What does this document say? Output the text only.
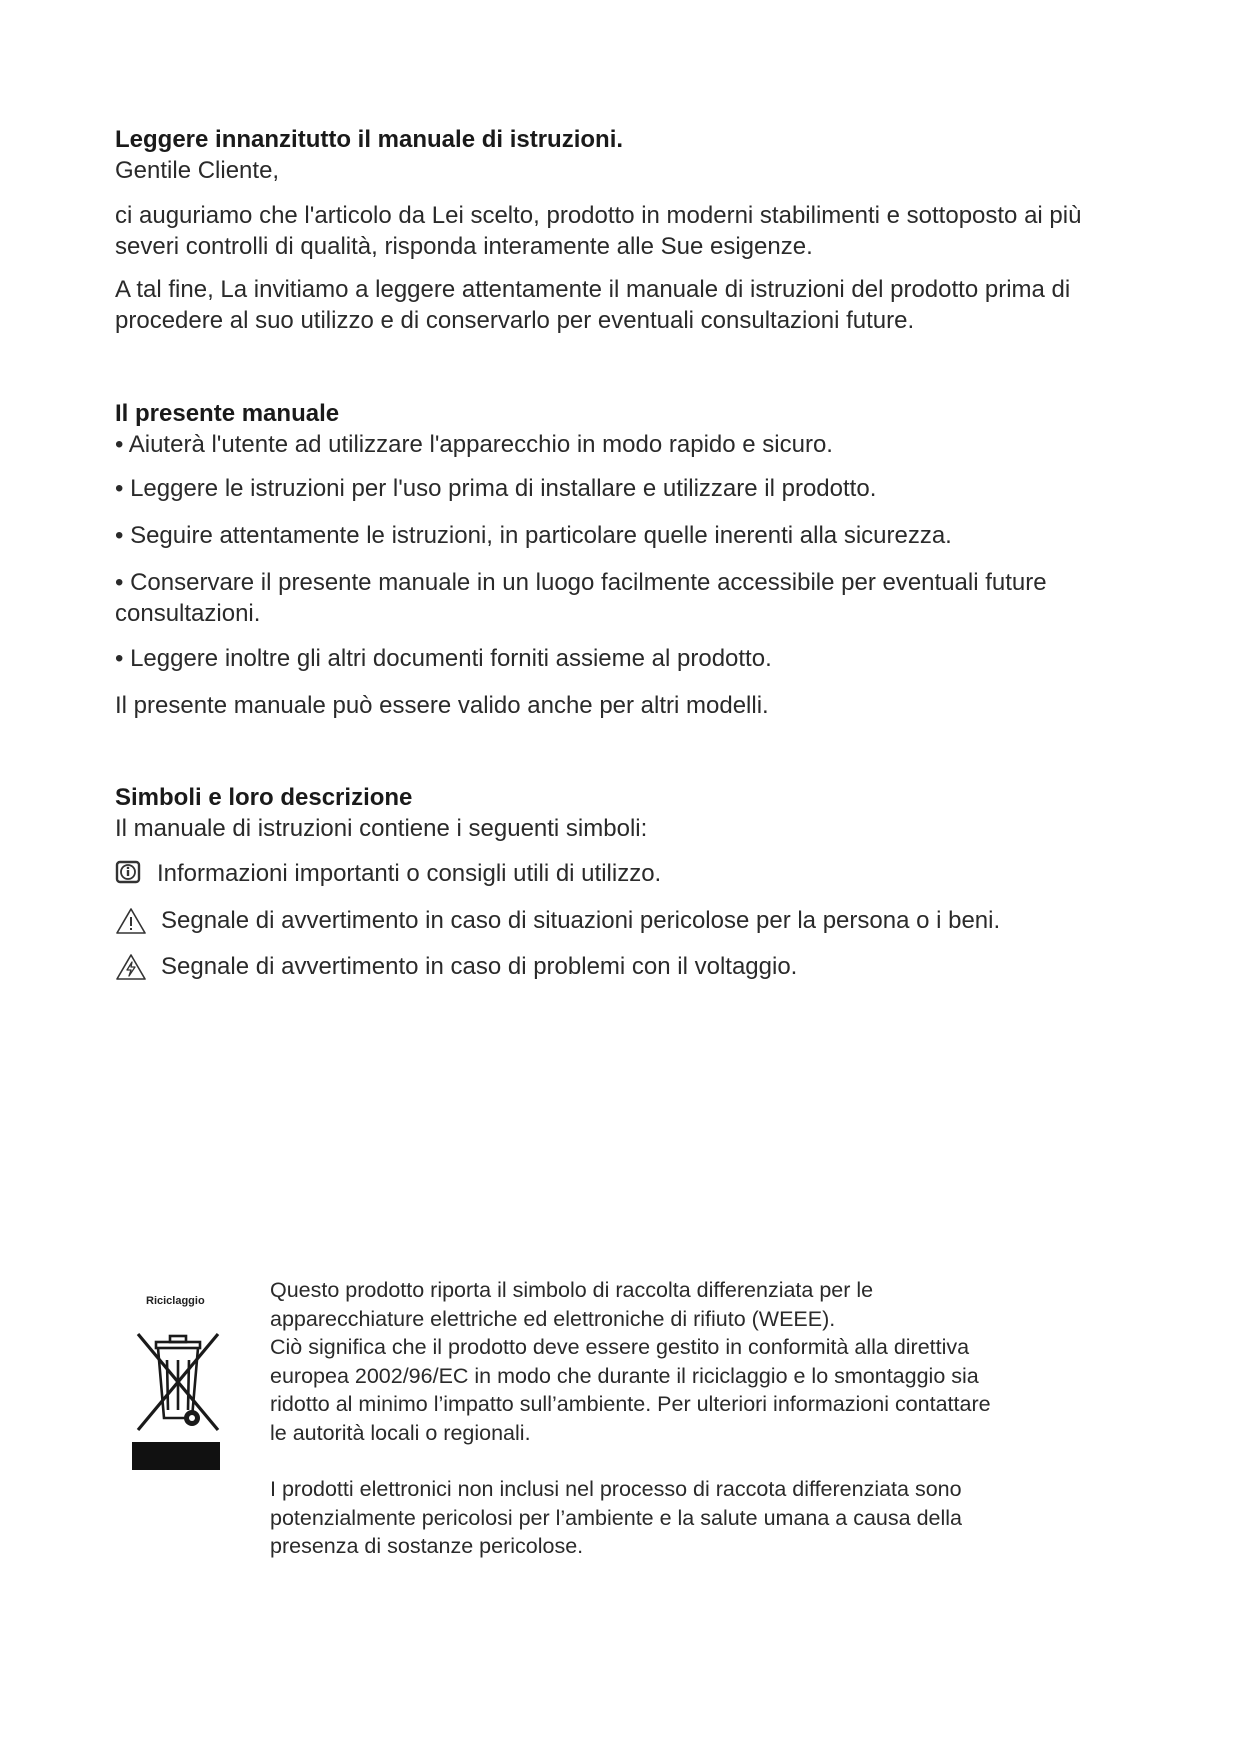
Leggere innanzitutto il manuale di istruzioni.

Gentile Cliente,

ci auguriamo che l'articolo da Lei scelto, prodotto in moderni stabilimenti e sottoposto ai più

severi controlli di qualità, risponda interamente alle Sue esigenze.

A tal fine, La invitiamo a leggere attentamente il manuale di istruzioni del prodotto prima di

procedere al suo utilizzo e di conservarlo per eventuali consultazioni future.

Il presente manuale

• Aiuterà l'utente ad utilizzare l'apparecchio in modo rapido e sicuro.

• Leggere le istruzioni per l'uso prima di installare e utilizzare il prodotto.

• Seguire attentamente le istruzioni, in particolare quelle inerenti alla sicurezza.

• Conservare il presente manuale in un luogo facilmente accessibile per eventuali future

consultazioni.

• Leggere inoltre gli altri documenti forniti assieme al prodotto.

Il presente manuale può essere valido anche per altri modelli.

Simboli e loro descrizione

Il manuale di istruzioni contiene i seguenti simboli:

Informazioni importanti o consigli utili di utilizzo.
Segnale di avvertimento in caso di situazioni pericolose per la persona o i beni.
Segnale di avvertimento in caso di problemi con il voltaggio.
Riciclaggio	Questo prodotto riporta il simbolo di raccolta differenziata per le

apparecchiature elettriche ed elettroniche di rifiuto (WEEE).

Ciò significa che il prodotto deve essere gestito in conformità alla direttiva

europea 2002/96/EC in modo che durante il riciclaggio e lo smontaggio sia

ridotto al minimo l’impatto sull’ambiente. Per ulteriori informazioni contattare

le autorità locali o regionali.

I prodotti elettronici non inclusi nel processo di raccota differenziata sono

potenzialmente pericolosi per l’ambiente e la salute umana a causa della

presenza di sostanze pericolose.
